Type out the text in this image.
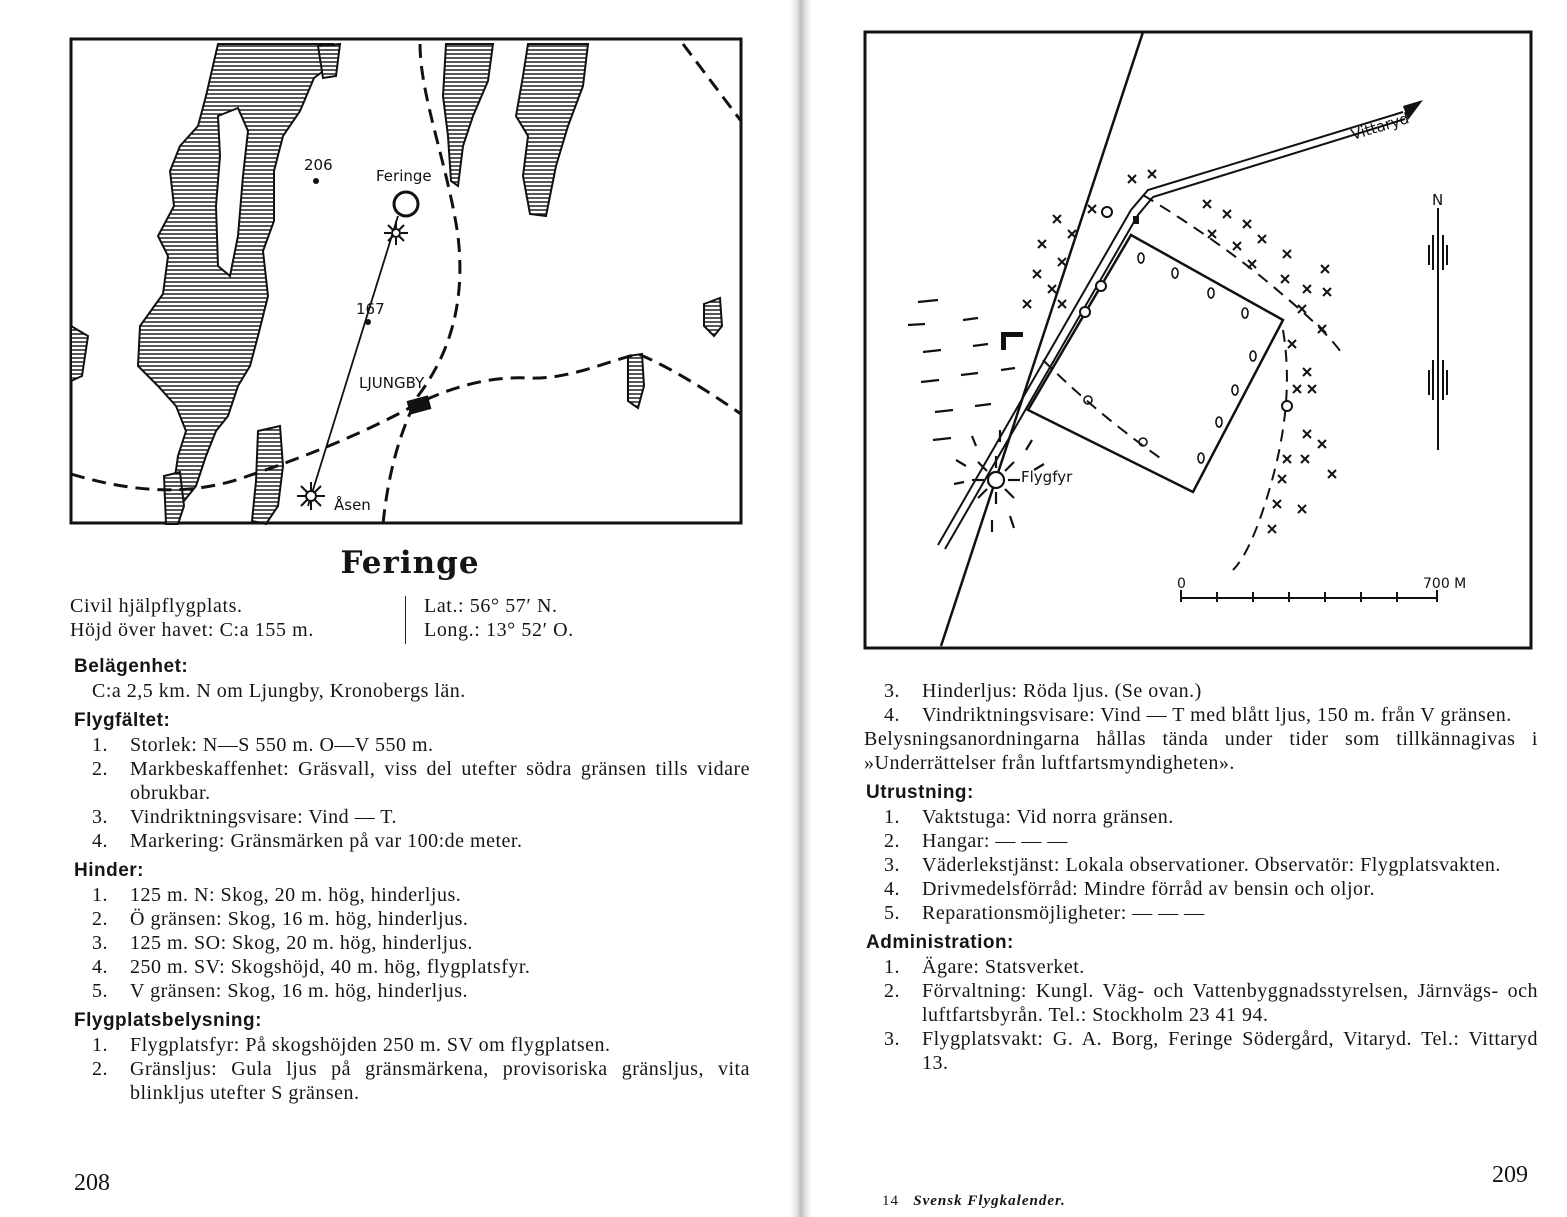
206
Feringe
167
LJUNGBY
Åsen
Feringe
Civil hjälpflygplats.
Höjd över havet: C:a 155 m.
Lat.: 56° 57′ N.
Long.: 13° 52′ O.
Belägenhet:
C:a 2,5 km. N om Ljungby, Kronobergs län.
Flygfältet:
1. Storlek: N—S 550 m. O—V 550 m.
2. Markbeskaffenhet: Gräsvall, viss del utefter södra gränsen tills vidare obrukbar.
3. Vindriktningsvisare: Vind — T.
4. Markering: Gränsmärken på var 100:de meter.
Hinder:
1. 125 m. N: Skog, 20 m. hög, hinderljus.
2. Ö gränsen: Skog, 16 m. hög, hinderljus.
3. 125 m. SO: Skog, 20 m. hög, hinderljus.
4. 250 m. SV: Skogshöjd, 40 m. hög, flygplatsfyr.
5. V gränsen: Skog, 16 m. hög, hinderljus.
Flygplatsbelysning:
1. Flygplatsfyr: På skogshöjden 250 m. SV om flygplatsen.
2. Gränsljus: Gula ljus på gränsmärkena, provisoriska gränsljus, vita blinkljus utefter S gränsen.
208
Vittaryd
N
Flygfyr
0	700 M
3. Hinderljus: Röda ljus. (Se ovan.)
4. Vindriktningsvisare: Vind — T med blått ljus, 150 m. från V gränsen.
Belysningsanordningarna hållas tända under tider som tillkännagivas i »Underrättelser från luftfartsmyndigheten».
Utrustning:
1. Vaktstuga: Vid norra gränsen.
2. Hangar: — — —
3. Väderlekstjänst: Lokala observationer. Observatör: Flygplatsvakten.
4. Drivmedelsförråd: Mindre förråd av bensin och oljor.
5. Reparationsmöjligheter: — — —
Administration:
1. Ägare: Statsverket.
2. Förvaltning: Kungl. Väg- och Vattenbyggnadsstyrelsen, Järnvägs- och luftfartsbyrån. Tel.: Stockholm 23 41 94.
3. Flygplatsvakt: G. A. Borg, Feringe Södergård, Vitaryd. Tel.: Vittaryd 13.
14 Svensk Flygkalender.
209
